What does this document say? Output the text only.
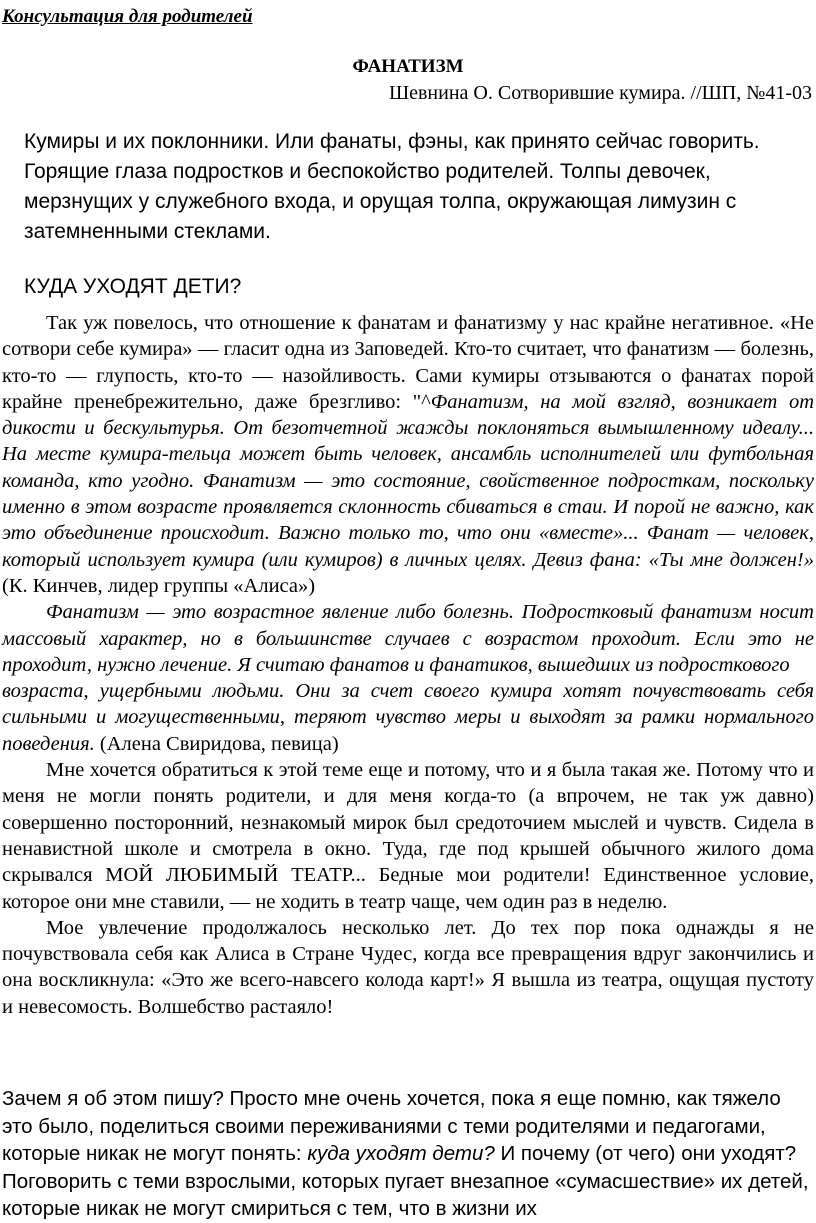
Консультация для родителей
ФАНАТИЗМ
Шевнина О. Сотворившие кумира. //ШП, №41-03

Кумиры и их поклонники. Или фанаты, фэны, как принято сейчас говорить. Горящие глаза подростков и беспокойство родителей. Толпы девочек, мерзнущих у служебного входа, и орущая толпа, окружающая лимузин с затемненными стеклами.

КУДА УХОДЯТ ДЕТИ?

Так уж повелось, что отношение к фанатам и фанатизму у нас крайне негативное. «Не сотвори себе кумира» — гласит одна из Заповедей. Кто-то считает, что фанатизм — болезнь, кто-то — глупость, кто-то — назойливость. Сами кумиры отзываются о фанатах порой крайне пренебрежительно, даже брезгливо: "^Фанатизм, на мой взгляд, возникает от дикости и бескультурья. От безотчетной жажды поклоняться вымышленному идеалу... На месте кумира-тельца может быть человек, ансамбль исполнителей или футбольная команда, кто угодно. Фанатизм — это состояние, свойственное подросткам, поскольку именно в этом возрасте проявляется склонность сбиваться в стаи. И порой не важно, как это объединение происходит. Важно только то, что они «вместе»... Фанат — человек, который использует кумира (или кумиров) в личных целях. Девиз фана: «Ты мне должен!» (К. Кинчев, лидер группы «Алиса»)

Фанатизм — это возрастное явление либо болезнь. Подростковый фанатизм носит массовый характер, но в большинстве случаев с возрастом проходит. Если это не проходит, нужно лечение. Я считаю фанатов и фанатиков, вышедших из подросткового

возраста, ущербными людьми. Они за счет своего кумира хотят почувствовать себя сильными и могущественными, теряют чувство меры и выходят за рамки нормального поведения. (Алена Свиридова, певица)

Мне хочется обратиться к этой теме еще и потому, что и я была такая же. Потому что и меня не могли понять родители, и для меня когда-то (а впрочем, не так уж давно) совершенно посторонний, незнакомый мирок был средоточием мыслей и чувств. Сидела в ненавистной школе и смотрела в окно. Туда, где под крышей обычного жилого дома скрывался МОЙ ЛЮБИМЫЙ ТЕАТР... Бедные мои родители! Единственное условие, которое они мне ставили, — не ходить в театр чаще, чем один раз в неделю.

Мое увлечение продолжалось несколько лет. До тех пор пока однажды я не почувствовала себя как Алиса в Стране Чудес, когда все превращения вдруг закончились и она воскликнула: «Это же всего-навсего колода карт!» Я вышла из театра, ощущая пустоту и невесомость. Волшебство растаяло!

Зачем я об этом пишу? Просто мне очень хочется, пока я еще помню, как тяжело это было, поделиться своими переживаниями с теми родителями и педагогами, которые никак не могут понять: куда уходят дети? И почему (от чего) они уходят? Поговорить с теми взрослыми, которых пугает внезапное «сумасшествие» их детей, которые никак не могут смириться с тем, что в жизни их
